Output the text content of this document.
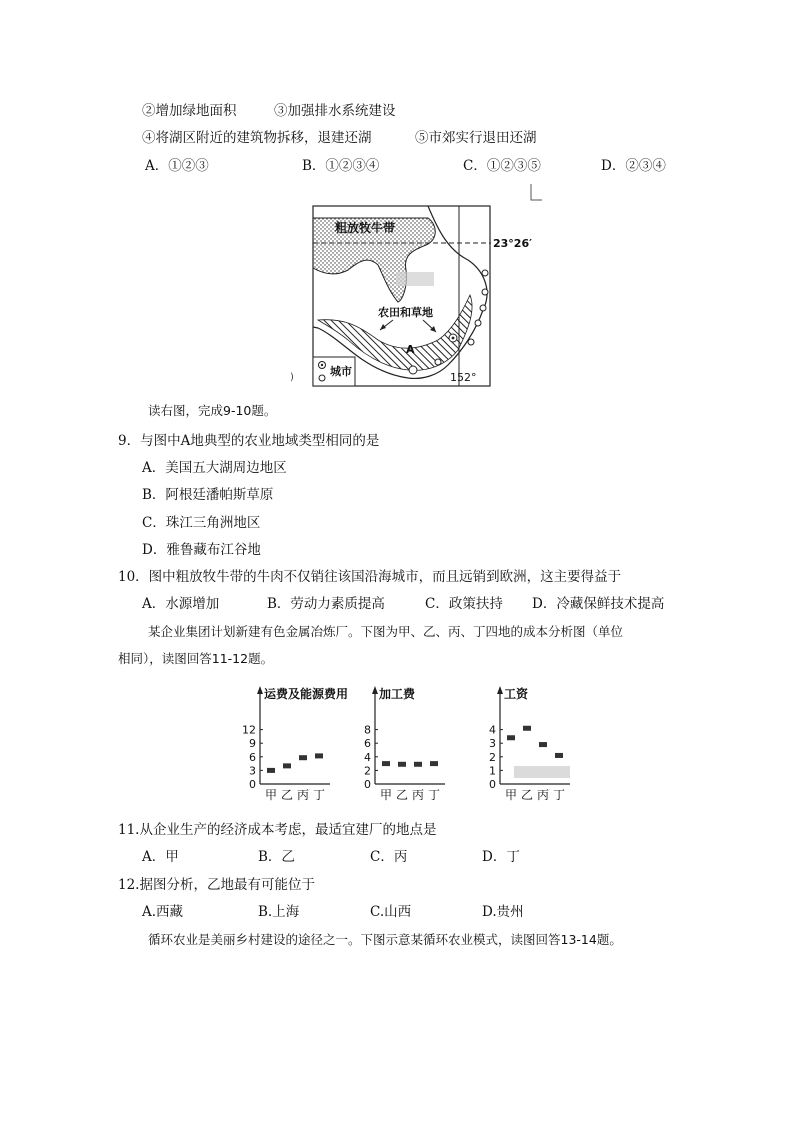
②增加绿地面积	③加强排水系统建设
④将湖区附近的建筑物拆移，退建还湖	⑤市郊实行退田还湖
A．①②③	B．①②③④	C．①②③⑤	D．②③④
粗放牧牛带
23°26′
农田和草地
A
152°
城市
)
读右图，完成9-10题。
9．与图中A地典型的农业地域类型相同的是
A．美国五大湖周边地区
B．阿根廷潘帕斯草原
C．珠江三角洲地区
D．雅鲁藏布江谷地
10．图中粗放牧牛带的牛肉不仅销往该国沿海城市，而且远销到欧洲，这主要得益于
A．水源增加	B．劳动力素质提高	C．政策扶持 D．冷藏保鲜技术提高
某企业集团计划新建有色金属冶炼厂。下图为甲、乙、丙、丁四地的成本分析图（单位
相同），读图回答11-12题。
运费及能源费用
0
3
6
9
12
甲 乙 丙 丁
加工费
0
2
4
6
8
甲 乙 丙 丁
工资
0
1
2
3
4
甲 乙 丙 丁
11.从企业生产的经济成本考虑，最适宜建厂的地点是
A．甲	B．乙	C．丙	D．丁
12.据图分析，乙地最有可能位于
A.西藏	B.上海	C.山西	D.贵州
循环农业是美丽乡村建设的途径之一。下图示意某循环农业模式，读图回答13-14题。
